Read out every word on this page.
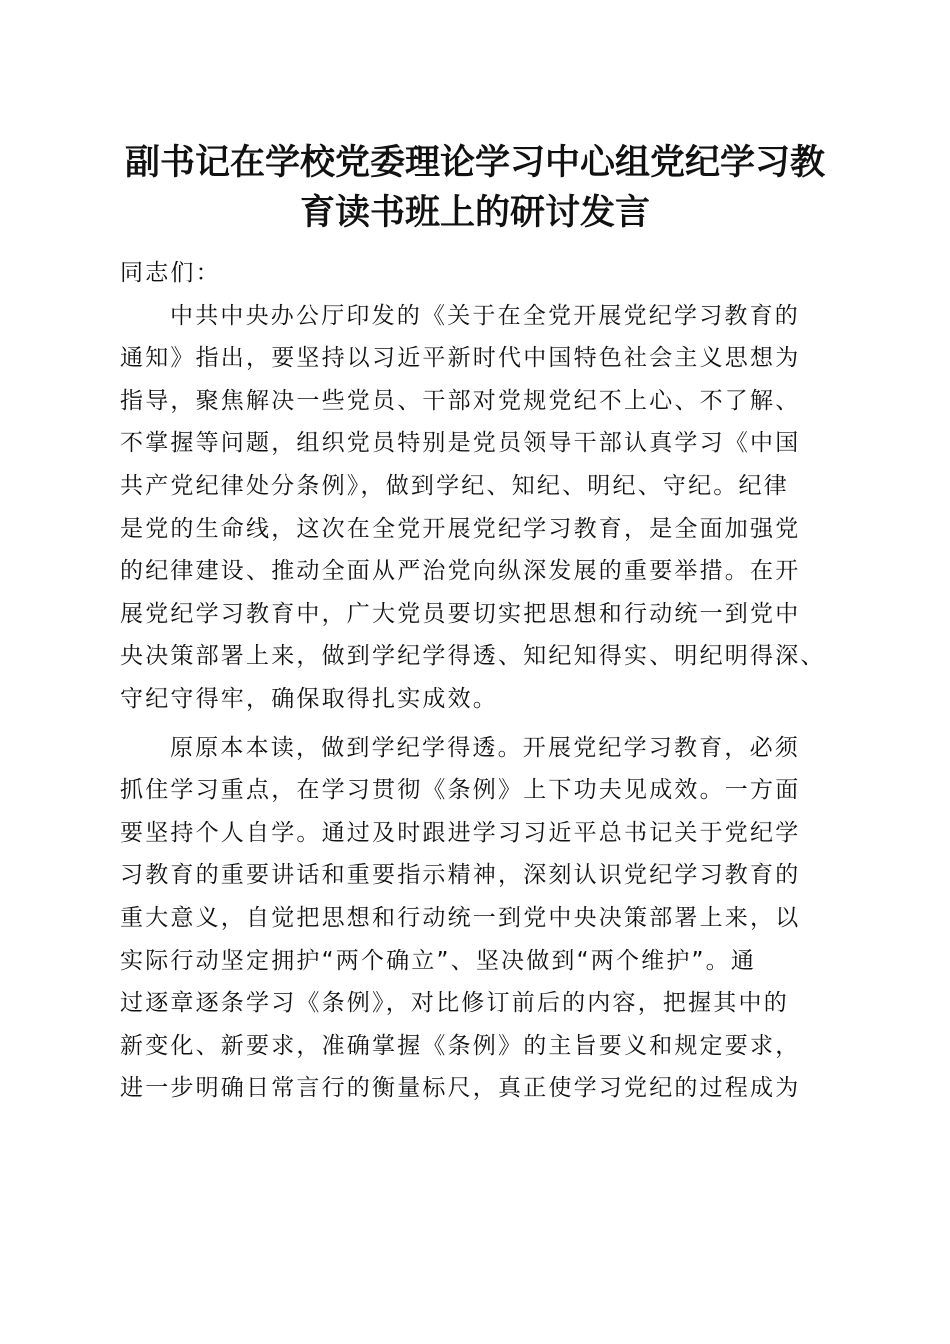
副书记在学校党委理论学习中心组党纪学习教
育读书班上的研讨发言
同志们：
中共中央办公厅印发的《关于在全党开展党纪学习教育的
通知》指出，要坚持以习近平新时代中国特色社会主义思想为
指导，聚焦解决一些党员、干部对党规党纪不上心、不了解、
不掌握等问题，组织党员特别是党员领导干部认真学习《中国
共产党纪律处分条例》，做到学纪、知纪、明纪、守纪。纪律
是党的生命线，这次在全党开展党纪学习教育，是全面加强党
的纪律建设、推动全面从严治党向纵深发展的重要举措。在开
展党纪学习教育中，广大党员要切实把思想和行动统一到党中
央决策部署上来，做到学纪学得透、知纪知得实、明纪明得深、
守纪守得牢，确保取得扎实成效。
原原本本读，做到学纪学得透。开展党纪学习教育，必须
抓住学习重点，在学习贯彻《条例》上下功夫见成效。一方面
要坚持个人自学。通过及时跟进学习习近平总书记关于党纪学
习教育的重要讲话和重要指示精神，深刻认识党纪学习教育的
重大意义，自觉把思想和行动统一到党中央决策部署上来，以
实际行动坚定拥护“两个确立”、坚决做到“两个维护”。通
过逐章逐条学习《条例》，对比修订前后的内容，把握其中的
新变化、新要求，准确掌握《条例》的主旨要义和规定要求，
进一步明确日常言行的衡量标尺，真正使学习党纪的过程成为
